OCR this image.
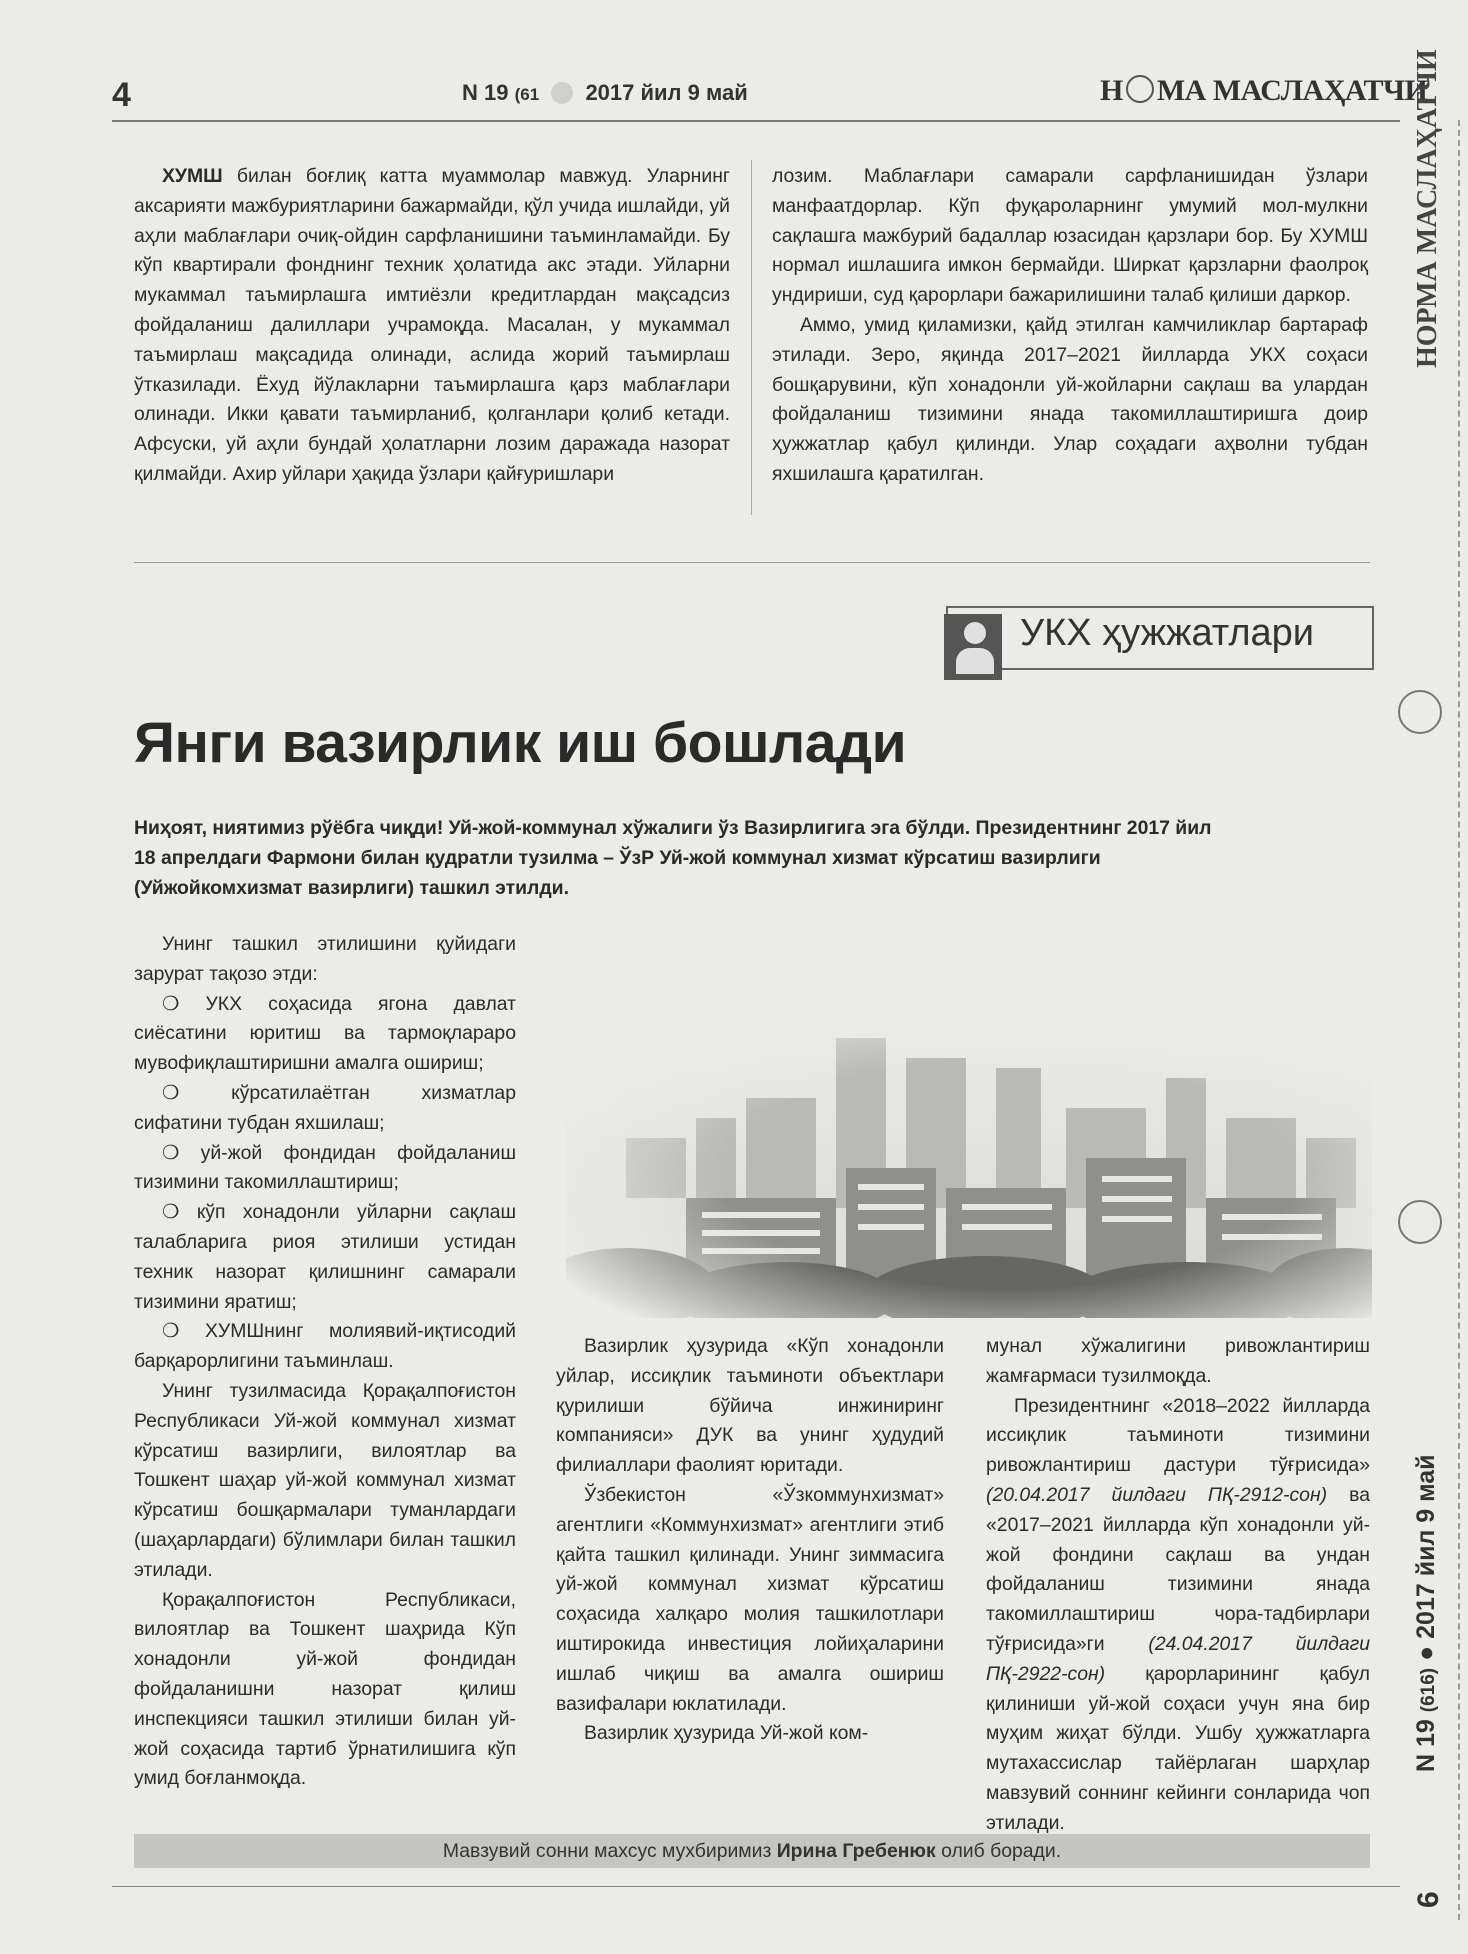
4	N 19 (61 2017 йил 9 май	Н МА МАСЛАҲАТЧИ
НОРМА МАСЛАҲАТЧИ
N 19 (616) ● 2017 йил 9 май
6

ХУМШ билан боғлиқ катта муаммолар мавжуд. Уларнинг аксарияти мажбуриятларини бажармайди, қўл учида ишлайди, уй аҳли маблағлари очиқ-ойдин сарфланишини таъминламайди. Бу кўп квартирали фонднинг техник ҳолатида акс этади. Уйларни мукаммал таъмирлашга имтиёзли кредитлардан мақсадсиз фойдаланиш далиллари учрамоқда. Масалан, у мукаммал таъмирлаш мақсадида олинади, аслида жорий таъмирлаш ўтказилади. Ёхуд йўлакларни таъмирлашга қарз маблағлари олинади. Икки қавати таъмирланиб, қолганлари қолиб кетади. Афсуски, уй аҳли бундай ҳолатларни лозим даражада назорат қилмайди. Ахир уйлари ҳақида ўзлари қайғуришлари

лозим. Маблағлари самарали сарфланишидан ўзлари манфаатдорлар. Кўп фуқароларнинг умумий мол-мулкни сақлашга мажбурий бадаллар юзасидан қарзлари бор. Бу ХУМШ нормал ишлашига имкон бермайди. Ширкат қарзларни фаолроқ ундириши, суд қарорлари бажарилишини талаб қилиши даркор.

Аммо, умид қиламизки, қайд этилган камчиликлар бартараф этилади. Зеро, яқинда 2017–2021 йилларда УКХ соҳаси бошқарувини, кўп хонадонли уй-жойларни сақлаш ва улардан фойдаланиш тизимини янада такомиллаштиришга доир ҳужжатлар қабул қилинди. Улар соҳадаги аҳволни тубдан яхшилашга қаратилган.

УКХ ҳужжатлари
Янги вазирлик иш бошлади

Ниҳоят, ниятимиз рўёбга чиқди! Уй-жой-коммунал хўжалиги ўз Вазирлигига эга бўлди. Президентнинг 2017 йил 18 апрелдаги Фармони билан қудратли тузилма – ЎзР Уй-жой коммунал хизмат кўрсатиш вазирлиги (Уйжойкомхизмат вазирлиги) ташкил этилди.

Унинг ташкил этилишини қуйидаги зарурат тақозо этди:

❍ УКХ соҳасида ягона давлат сиёсатини юритиш ва тармоқлараро мувофиқлаштиришни амалга ошириш;

❍	кўрсатилаётган хизматлар сифатини тубдан яхшилаш;

❍ уй-жой фондидан фойдаланиш тизимини такомиллаштириш;

❍ кўп хонадонли уйларни сақлаш талабларига риоя этилиши устидан техник назорат қилишнинг самарали тизимини яратиш;

❍ ХУМШнинг молиявий-иқтисодий барқарорлигини таъминлаш.

Унинг тузилмасида Қорақалпоғистон Республикаси Уй-жой коммунал хизмат кўрсатиш вазирлиги, вилоятлар ва Тошкент шаҳар уй-жой коммунал хизмат кўрсатиш бошқармалари туманлардаги (шаҳарлардаги) бўлимлари билан ташкил этилади.

Қорақалпоғистон Республикаси, вилоятлар ва Тошкент шаҳрида Кўп хонадонли уй-жой фондидан фойдаланишни назорат қилиш инспекцияси ташкил этилиши билан уй-жой соҳасида тартиб ўрнатилишига кўп умид боғланмоқда.

Вазирлик ҳузурида «Кўп хонадонли уйлар, иссиқлик таъминоти объектлари қурилиши бўйича инжиниринг компанияси» ДУК ва унинг ҳудудий филиаллари фаолият юритади.

Ўзбекистон «Ўзкоммунхизмат» агентлиги «Коммунхизмат» агентлиги этиб қайта ташкил қилинади. Унинг зиммасига уй-жой коммунал хизмат кўрсатиш соҳасида халқаро молия ташкилотлари иштирокида инвестиция лойиҳаларини ишлаб чиқиш ва амалга ошириш вазифалари юклатилади.

Вазирлик ҳузурида Уй-жой ком-

мунал хўжалигини ривожлантириш жамғармаси тузилмоқда.

Президентнинг «2018–2022 йилларда иссиқлик таъминоти тизимини ривожлантириш дастури тўғрисида» (20.04.2017 йилдаги ПҚ-2912-сон) ва «2017–2021 йилларда кўп хонадонли уй-жой фондини сақлаш ва ундан фойдаланиш тизимини янада такомиллаштириш чора-тадбирлари тўғрисида»ги (24.04.2017 йилдаги ПҚ-2922-сон) қарорларининг қабул қилиниши уй-жой соҳаси учун яна бир муҳим жиҳат бўлди. Ушбу ҳужжатларга мутахассислар тайёрлаган шарҳлар мавзувий соннинг кейинги сонларида чоп этилади.

Мавзувий сонни махсус мухбиримиз Ирина Гребенюк олиб боради.
